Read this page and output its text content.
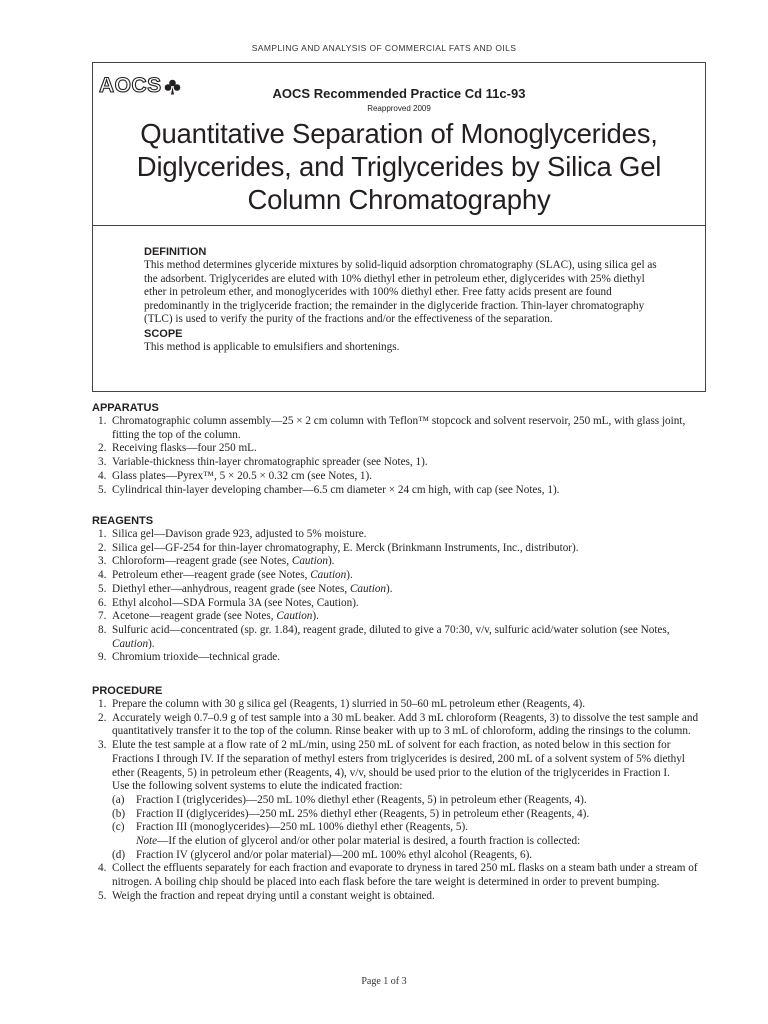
SAMPLING AND ANALYSIS OF COMMERCIAL FATS AND OILS
AOCS	AOCS Recommended Practice Cd 11c-93
Reapproved 2009
Quantitative Separation of Monoglycerides, Diglycerides, and Triglycerides by Silica Gel Column Chromatography
DEFINITION

This method determines glyceride mixtures by solid-liquid adsorption chromatography (SLAC), using silica gel as the adsorbent. Triglycerides are eluted with 10% diethyl ether in petroleum ether, diglycerides with 25% diethyl ether in petroleum ether, and monoglycerides with 100% diethyl ether. Free fatty acids present are found predominantly in the triglyceride fraction; the remainder in the diglyceride fraction. Thin-layer chromatography (TLC) is used to verify the purity of the fractions and/or the effectiveness of the separation.

SCOPE

This method is applicable to emulsifiers and shortenings.

APPARATUS
1. Chromatographic column assembly—25 × 2 cm column with Teflon™ stopcock and solvent reservoir, 250 mL, with glass joint, fitting the top of the column.
2. Receiving flasks—four 250 mL.
3. Variable-thickness thin-layer chromatographic spreader (see Notes, 1).
4. Glass plates—Pyrex™, 5 × 20.5 × 0.32 cm (see Notes, 1).
5. Cylindrical thin-layer developing chamber—6.5 cm diameter × 24 cm high, with cap (see Notes, 1).
REAGENTS
1. Silica gel—Davison grade 923, adjusted to 5% moisture.
2. Silica gel—GF-254 for thin-layer chromatography, E. Merck (Brinkmann Instruments, Inc., distributor).
3. Chloroform—reagent grade (see Notes, Caution).
4. Petroleum ether—reagent grade (see Notes, Caution).
5. Diethyl ether—anhydrous, reagent grade (see Notes, Caution).
6. Ethyl alcohol—SDA Formula 3A (see Notes, Caution).
7. Acetone—reagent grade (see Notes, Caution).
8. Sulfuric acid—concentrated (sp. gr. 1.84), reagent grade, diluted to give a 70:30, v/v, sulfuric acid/water solution (see Notes, Caution).
9. Chromium trioxide—technical grade.
PROCEDURE
1. Prepare the column with 30 g silica gel (Reagents, 1) slurried in 50–60 mL petroleum ether (Reagents, 4).
2. Accurately weigh 0.7–0.9 g of test sample into a 30 mL beaker. Add 3 mL chloroform (Reagents, 3) to dissolve the test sample and quantitatively transfer it to the top of the column. Rinse beaker with up to 3 mL of chloroform, adding the rinsings to the column.
3. Elute the test sample at a flow rate of 2 mL/min, using 250 mL of solvent for each fraction, as noted below in this section for Fractions I through IV. If the separation of methyl esters from triglycerides is desired, 200 mL of a solvent system of 5% diethyl ether (Reagents, 5) in petroleum ether (Reagents, 4), v/v, should be used prior to the elution of the triglycerides in Fraction I.
Use the following solvent systems to elute the indicated fraction:
(a) Fraction I (triglycerides)—250 mL 10% diethyl ether (Reagents, 5) in petroleum ether (Reagents, 4).
(b) Fraction II (diglycerides)—250 mL 25% diethyl ether (Reagents, 5) in petroleum ether (Reagents, 4).
(c) Fraction III (monoglycerides)—250 mL 100% diethyl ether (Reagents, 5).
Note—If the elution of glycerol and/or other polar material is desired, a fourth fraction is collected:
(d) Fraction IV (glycerol and/or polar material)—200 mL 100% ethyl alcohol (Reagents, 6).
4. Collect the effluents separately for each fraction and evaporate to dryness in tared 250 mL flasks on a steam bath under a stream of nitrogen. A boiling chip should be placed into each flask before the tare weight is determined in order to prevent bumping.
5. Weigh the fraction and repeat drying until a constant weight is obtained.
Page 1 of 3
